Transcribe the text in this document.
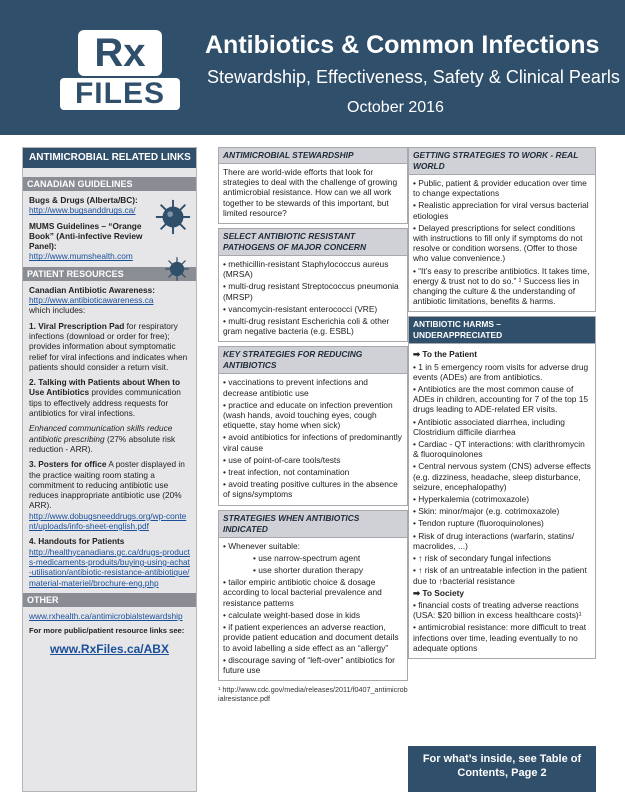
Rx
FILES
Antibiotics & Common Infections
Stewardship, Effectiveness, Safety & Clinical Pearls
October 2016
ANTIMICROBIAL RELATED LINKS
CANADIAN GUIDELINES

Bugs & Drugs (Alberta/BC):
http://www.bugsanddrugs.ca/

MUMS Guidelines – “Orange Book” (Anti-infective Review Panel):
http://www.mumshealth.com

PATIENT RESOURCES

Canadian Antibiotic Awareness:
http://www.antibioticawareness.ca
which includes:

1. Viral Prescription Pad for respiratory infections (download or order for free); provides information about symptomatic relief for viral infections and indicates when patients should consider a return visit.

2. Talking with Patients about When to Use Antibiotics provides communication tips to effectively address requests for antibiotics for viral infections.

Enhanced communication skills reduce antibiotic prescribing (27% absolute risk reduction - ARR).

3. Posters for office A poster displayed in the practice waiting room stating a commitment to reducing antibiotic use reduces inappropriate antibiotic use (20% ARR).
http://www.dobugsneeddrugs.org/wp-content/uploads/info-sheet-english.pdf

4. Handouts for Patients
http://healthycanadians.gc.ca/drugs-products-medicaments-produits/buying-using-achat-utilisation/antibiotic-resistance-antibiotique/material-materiel/brochure-eng.php

OTHER

www.rxhealth.ca/antimicrobialstewardship

For more public/patient resource links see:

www.RxFiles.ca/ABX
ANTIMICROBIAL STEWARDSHIP

There are world-wide efforts that look for strategies to deal with the challenge of growing antimicrobial resistance. How can we all work together to be stewards of this important, but limited resource?

SELECT ANTIBIOTIC RESISTANT PATHOGENS OF MAJOR CONCERN

• methicillin-resistant Staphylococcus aureus (MRSA)

• multi-drug resistant Streptococcus pneumonia (MRSP)

• vancomycin-resistant enterococci (VRE)

• multi-drug resistant Escherichia coli & other gram negative bacteria (e.g. ESBL)

KEY STRATEGIES FOR REDUCING ANTIBIOTICS

• vaccinations to prevent infections and decrease antibiotic use

• practice and educate on infection prevention (wash hands, avoid touching eyes, cough etiquette, stay home when sick)

• avoid antibiotics for infections of predominantly viral cause

• use of point-of-care tools/tests

• treat infection, not contamination

• avoid treating positive cultures in the absence of signs/symptoms

STRATEGIES WHEN ANTIBIOTICS INDICATED

• Whenever suitable:

• use narrow-spectrum agent

• use shorter duration therapy

• tailor empiric antibiotic choice & dosage according to local bacterial prevalence and resistance patterns

• calculate weight-based dose in kids

• if patient experiences an adverse reaction, provide patient education and document details to avoid labelling a side effect as an “allergy”

• discourage saving of “left-over” antibiotics for future use

¹ http://www.cdc.gov/media/releases/2011/f0407_antimicrobialresistance.pdf
GETTING STRATEGIES TO WORK - REAL WORLD

• Public, patient & provider education over time to change expectations

• Realistic appreciation for viral versus bacterial etiologies

• Delayed prescriptions for select conditions with instructions to fill only if symptoms do not resolve or condition worsens. (Offer to those who value convenience.)

• “It’s easy to prescribe antibiotics. It takes time, energy & trust not to do so.” ¹ Success lies in changing the culture & the understanding of antibiotic limitations, benefits & harms.

ANTIBIOTIC HARMS – UNDERAPPRECIATED

➡ To the Patient

• 1 in 5 emergency room visits for adverse drug events (ADEs) are from antibiotics.

• Antibiotics are the most common cause of ADEs in children, accounting for 7 of the top 15 drugs leading to ADE-related ER visits.

• Antibiotic associated diarrhea, including Clostridium difficile diarrhea

• Cardiac - QT interactions: with clarithromycin & fluoroquinolones

• Central nervous system (CNS) adverse effects (e.g. dizziness, headache, sleep disturbance, seizure, encephalopathy)

• Hyperkalemia (cotrimoxazole)

• Skin: minor/major (e.g. cotrimoxazole)

• Tendon rupture (fluoroquinolones)

• Risk of drug interactions (warfarin, statins/ macrolides, ...)

• ↑ risk of secondary fungal infections

• ↑ risk of an untreatable infection in the patient due to ↑bacterial resistance

➡ To Society

• financial costs of treating adverse reactions (USA: $20 billion in excess healthcare costs)¹

• antimicrobial resistance: more difficult to treat infections over time, leading eventually to no adequate options

For what’s inside, see Table of Contents, Page 2
